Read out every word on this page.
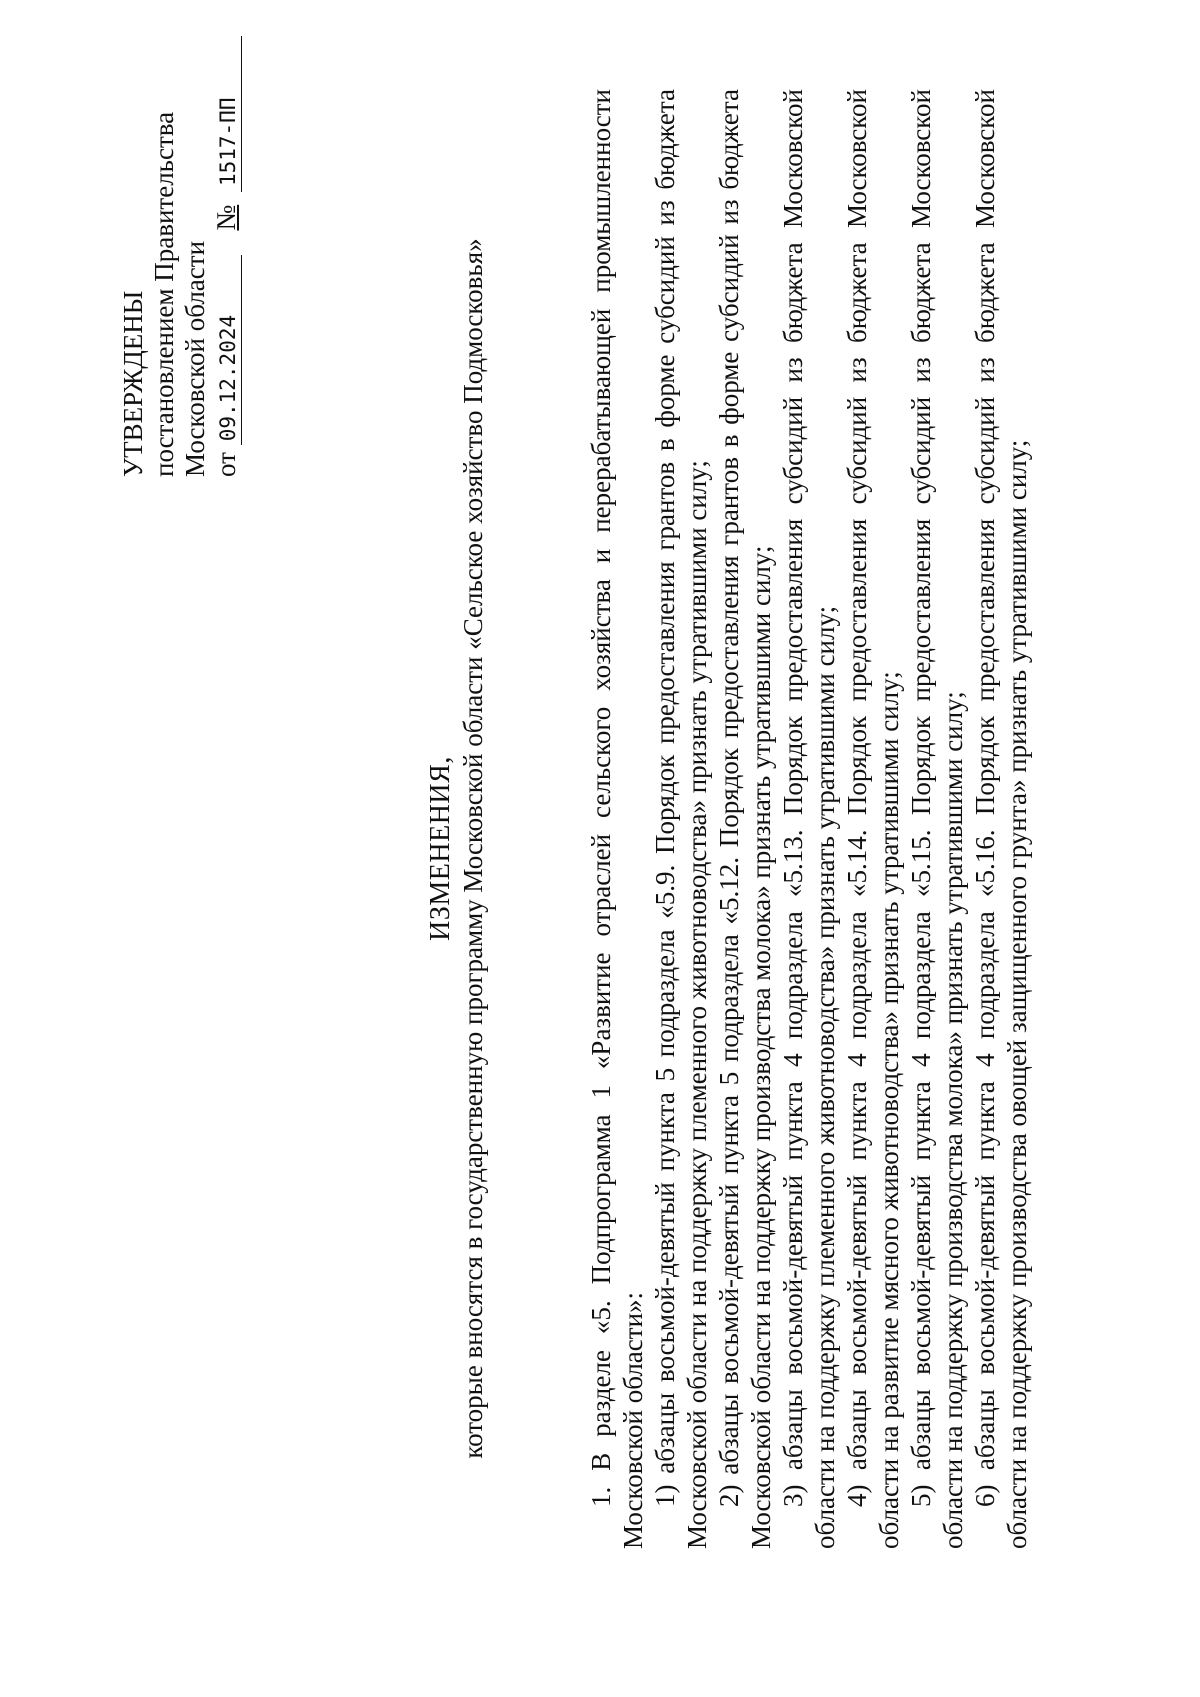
УТВЕРЖДЕНЫ постановлением Правительства Московской области от 09.12.2024 № 1517-ПП
ИЗМЕНЕНИЯ, которые вносятся в государственную программу Московской области «Сельское хозяйство Подмосковья»	1. В разделе «5. Подпрограмма 1 «Развитие отраслей сельского хозяйства и перерабатывающей промышленности Московской области»: 1) абзацы восьмой-девятый пункта 5 подраздела «5.9. Порядок предоставления грантов в форме субсидий из бюджета Московской области на поддержку племенного животноводства» признать утратившими силу; 2) абзацы восьмой-девятый пункта 5 подраздела «5.12. Порядок предоставления грантов в форме субсидий из бюджета Московской области на поддержку производства молока» признать утратившими силу; 3) абзацы восьмой-девятый пункта 4 подраздела «5.13. Порядок предоставления субсидий из бюджета Московской области на поддержку племенного животноводства» признать утратившими силу; 4) абзацы восьмой-девятый пункта 4 подраздела «5.14. Порядок предоставления субсидий из бюджета Московской области на развитие мясного животноводства» признать утратившими силу; 5) абзацы восьмой-девятый пункта 4 подраздела «5.15. Порядок предоставления субсидий из бюджета Московской области на поддержку производства молока» признать утратившими силу; 6) абзацы восьмой-девятый пункта 4 подраздела «5.16. Порядок предоставления субсидий из бюджета Московской области на поддержку производства овощей защищенного грунта» признать утратившими силу;
